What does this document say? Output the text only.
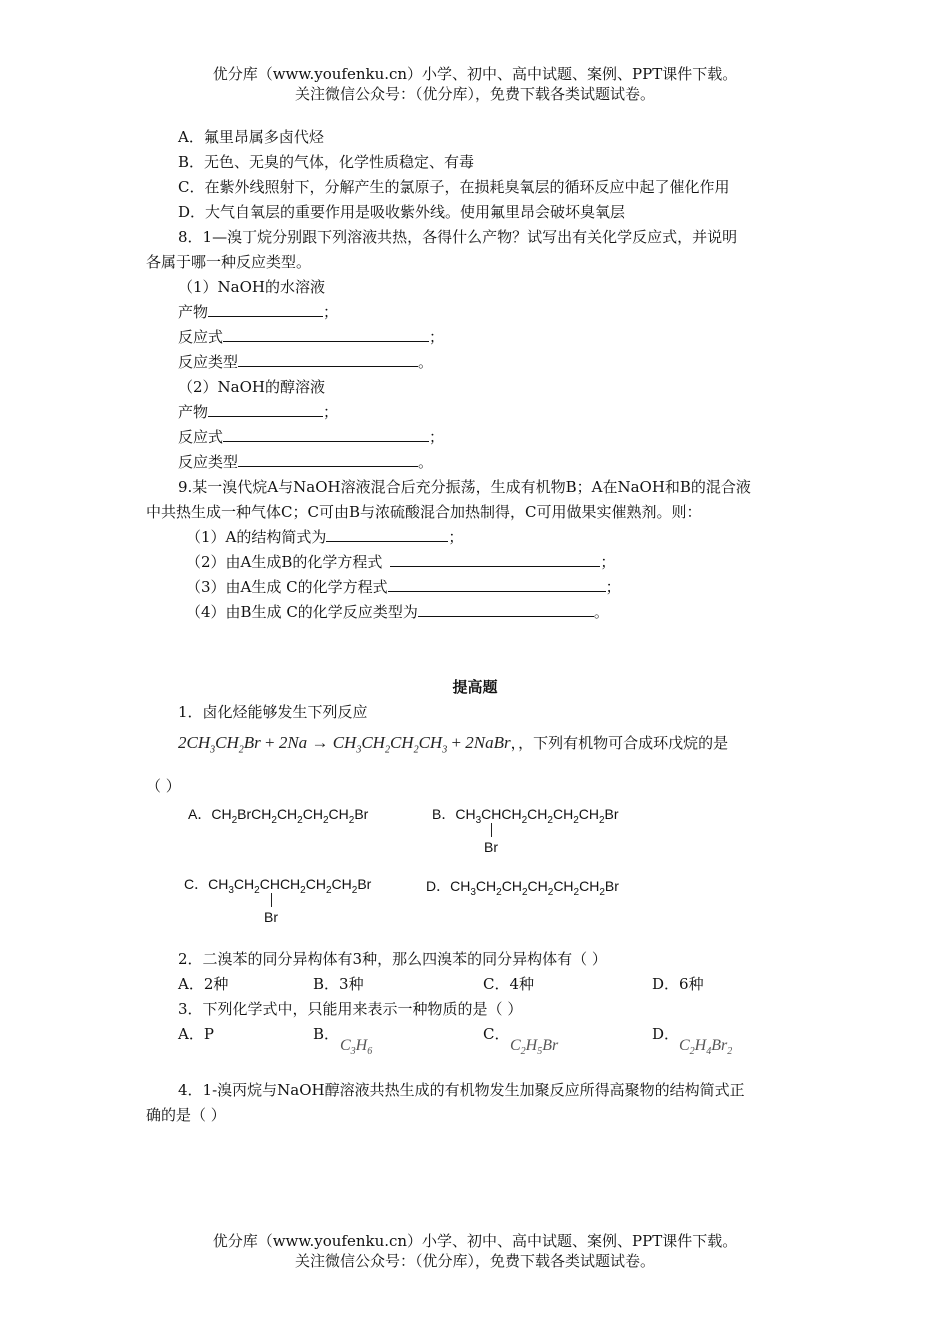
优分库（www.youfenku.cn）小学、初中、高中试题、案例、PPT课件下载。
关注微信公众号：（优分库），免费下载各类试题试卷。
A．氟里昂属多卤代烃
B．无色、无臭的气体，化学性质稳定、有毒
C．在紫外线照射下，分解产生的氯原子，在损耗臭氧层的循环反应中起了催化作用
D．大气自氧层的重要作用是吸收紫外线。使用氟里昂会破坏臭氧层
8．1—溴丁烷分别跟下列溶液共热，各得什么产物？试写出有关化学反应式，并说明
各属于哪一种反应类型。
（1）NaOH的水溶液
产物	；
反应式	；
反应类型	。
（2）NaOH的醇溶液
产物	；
反应式	；
反应类型	。
9.某一溴代烷A与NaOH溶液混合后充分振荡，生成有机物B；A在NaOH和B的混合液
中共热生成一种气体C；C可由B与浓硫酸混合加热制得，C可用做果实催熟剂。则：
（1）A的结构简式为	；
（2）由A生成B的化学方程式	；
（3）由A生成 C的化学方程式	；
（4）由B生成 C的化学反应类型为	。
提高题
1．卤化烃能够发生下列反应
$2CH_3CH_2Br + 2Na \to CH_3CH_2CH_2CH_3$ + 2NaBr，，下列有机物可合成环戊烷的是
（ ）
A．$CH_2BrCH_2CH_2CH_2CH_2Br$	B．$CH_3CHCH_2CH_2CH_2CH_2Br$
Br
C．$CH_3CH_2CHCH_2CH_2CH_2Br$
Br
D．$CH_3CH_2CH_2CH_2CH_2CH_2Br$
2．二溴苯的同分异构体有3种，那么四溴苯的同分异构体有（ ）
A．2种	B．3种	C．4种	D．6种
3．下列化学式中，只能用来表示一种物质的是（ ）
A．P	B．
$C_3H_6$
C．
$C_2H_5Br$
D．
$C_2H_4Br_2$
4．1-溴丙烷与NaOH醇溶液共热生成的有机物发生加聚反应所得高聚物的结构简式正
确的是（ ）
优分库（www.youfenku.cn）小学、初中、高中试题、案例、PPT课件下载。
关注微信公众号：（优分库），免费下载各类试题试卷。
